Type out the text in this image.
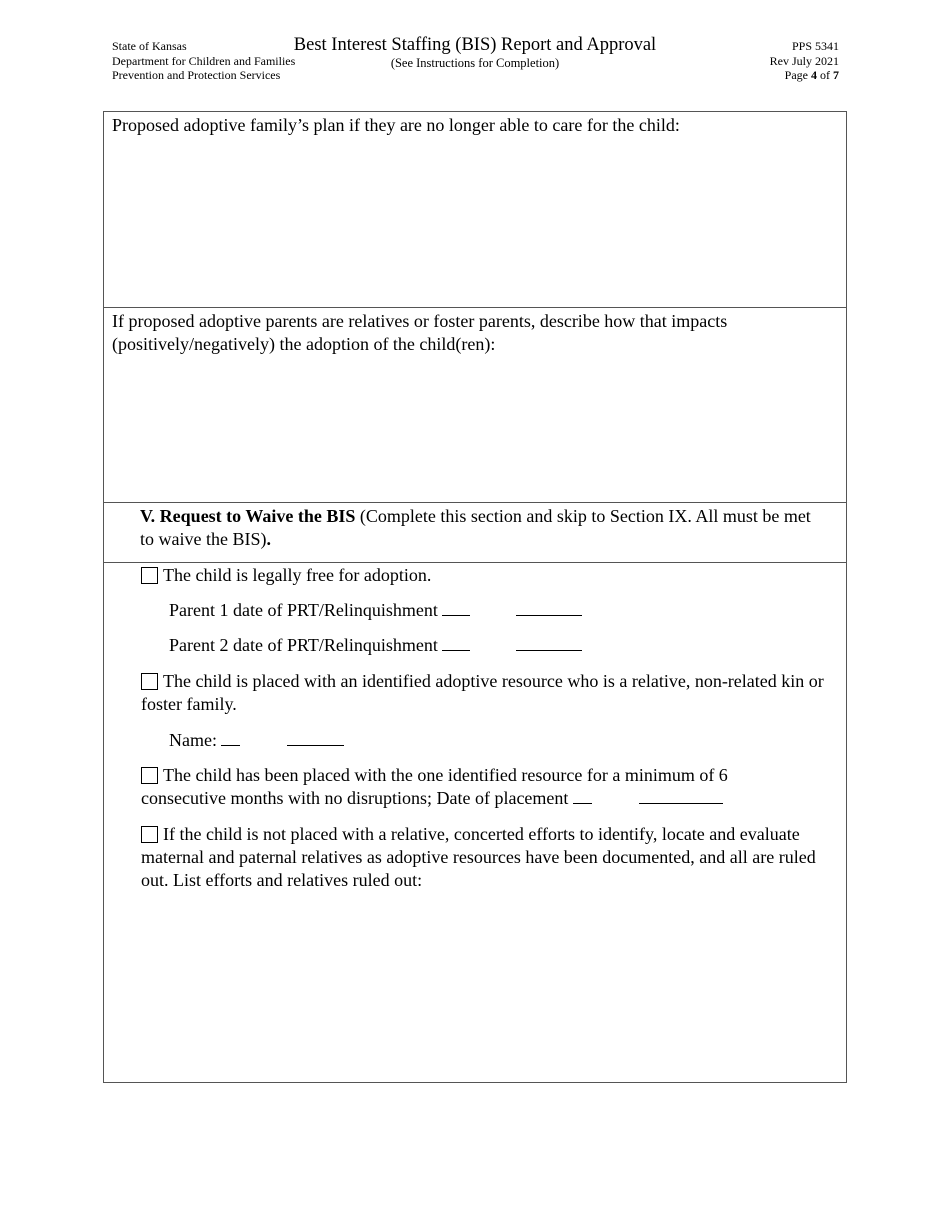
State of Kansas
Department for Children and Families
Prevention and Protection Services
Best Interest Staffing (BIS) Report and Approval
(See Instructions for Completion)
PPS 5341
Rev July 2021
Page 4 of 7
Proposed adoptive family’s plan if they are no longer able to care for the child:
If proposed adoptive parents are relatives or foster parents, describe how that impacts (positively/negatively) the adoption of the child(ren):
V. Request to Waive the BIS (Complete this section and skip to Section IX. All must be met to waive the BIS).
The child is legally free for adoption.
Parent 1 date of PRT/Relinquishment
Parent 2 date of PRT/Relinquishment
The child is placed with an identified adoptive resource who is a relative, non-related kin or foster family.
Name:
The child has been placed with the one identified resource for a minimum of 6 consecutive months with no disruptions; Date of placement
If the child is not placed with a relative, concerted efforts to identify, locate and evaluate maternal and paternal relatives as adoptive resources have been documented, and all are ruled out. List efforts and relatives ruled out:
